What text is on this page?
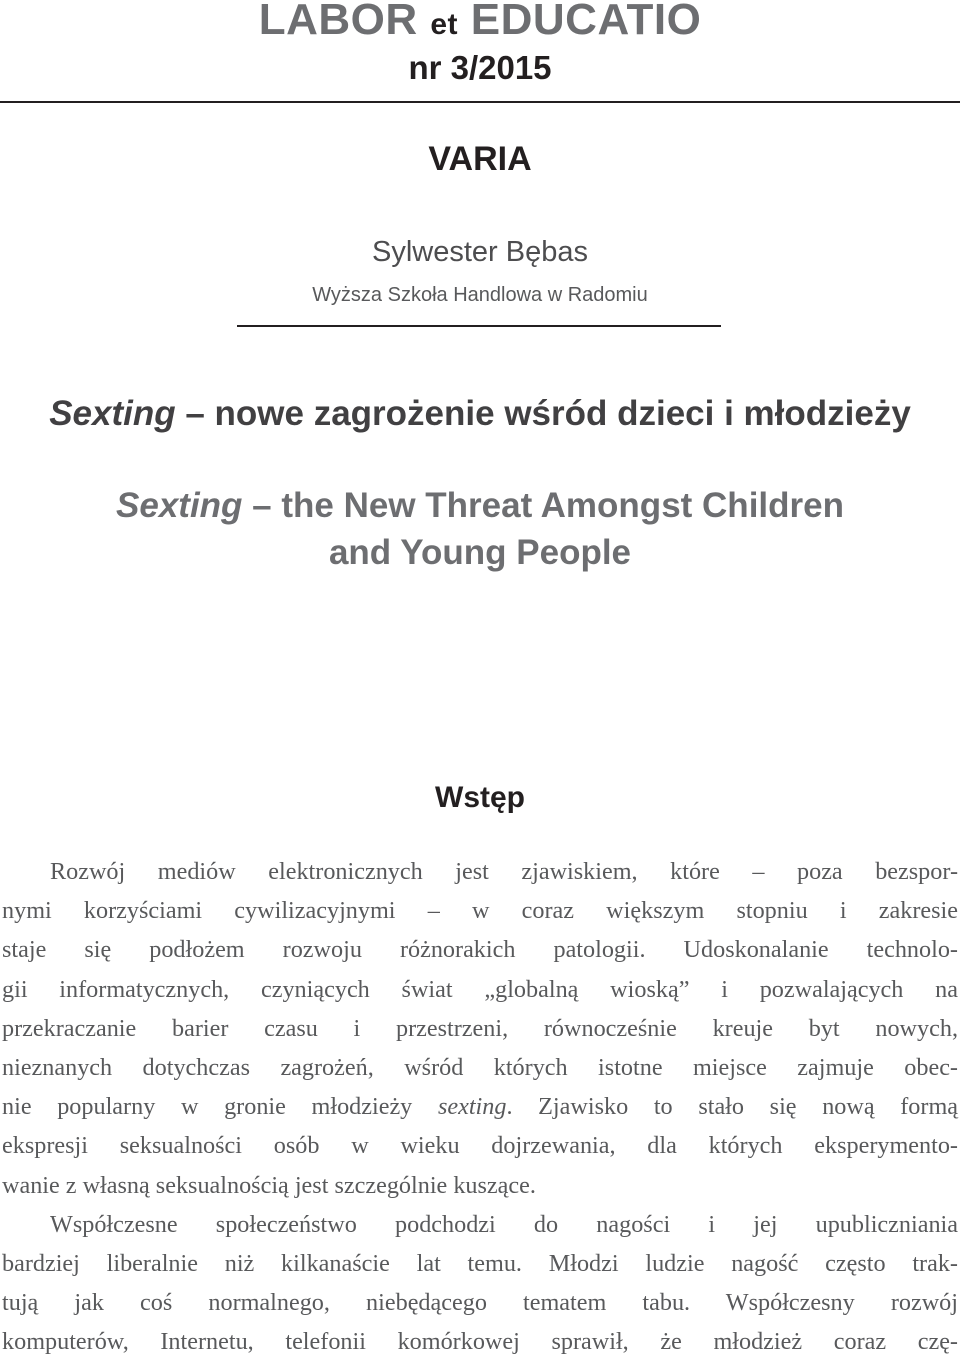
LABOR et EDUCATIO
nr 3/2015
VARIA
Sylwester Bębas
Wyższa Szkoła Handlowa w Radomiu
Sexting – nowe zagrożenie wśród dzieci i młodzieży
Sexting – the New Threat Amongst Children
and Young People
Wstęp
Rozwój mediów elektronicznych jest zjawiskiem, które – poza bezspor-
nymi korzyściami cywilizacyjnymi – w coraz większym stopniu i zakresie
staje się podłożem rozwoju różnorakich patologii. Udoskonalanie technolo-
gii informatycznych, czyniących świat „globalną wioską” i pozwalających na
przekraczanie barier czasu i przestrzeni, równocześnie kreuje byt nowych,
nieznanych dotychczas zagrożeń, wśród których istotne miejsce zajmuje obec-
nie popularny w gronie młodzieży sexting. Zjawisko to stało się nową formą
ekspresji seksualności osób w wieku dojrzewania, dla których eksperymento-
wanie z własną seksualnością jest szczególnie kuszące.
Współczesne społeczeństwo podchodzi do nagości i jej upubliczniania
bardziej liberalnie niż kilkanaście lat temu. Młodzi ludzie nagość często trak-
tują jak coś normalnego, niebędącego tematem tabu. Współczesny rozwój
komputerów, Internetu, telefonii komórkowej sprawił, że młodzież coraz czę-
